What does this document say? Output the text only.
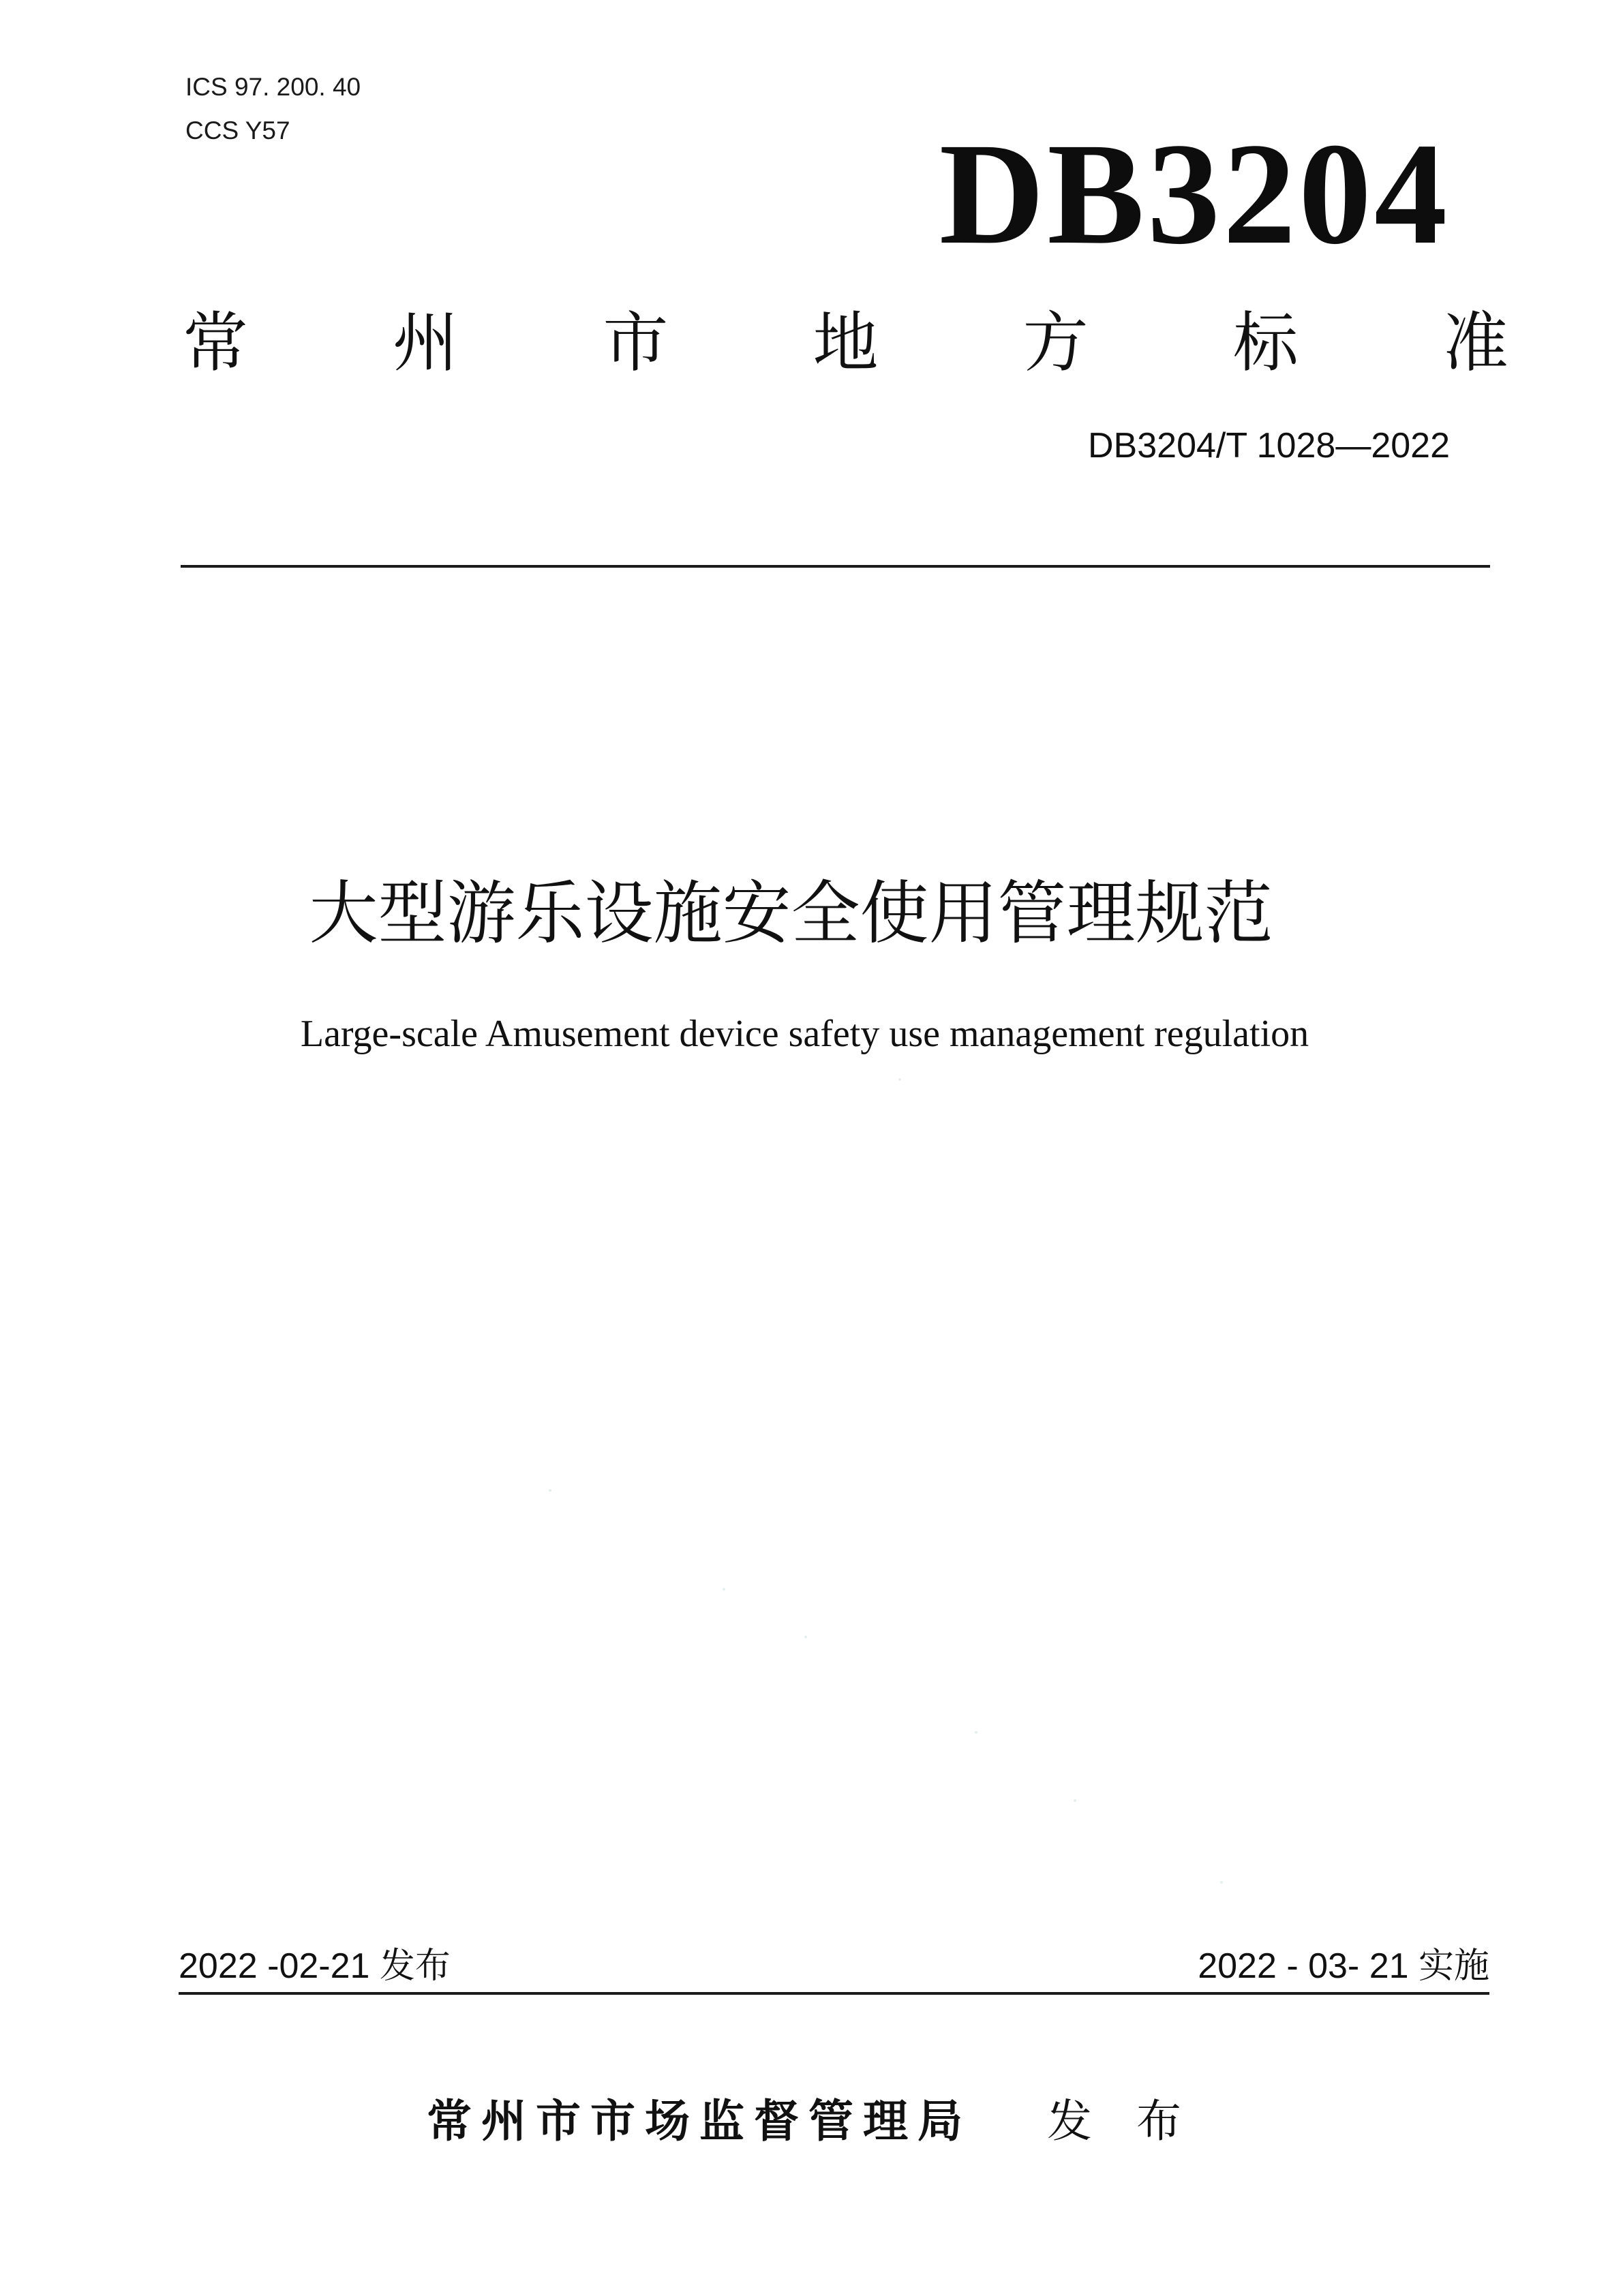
ICS 97. 200. 40
CCS Y57	DB3204
常 州 市 地 方 标 准
DB3204/T 1028—2022
大型游乐设施安全使用管理规范
Large-scale Amusement device safety use management regulation
2022 -02-21 发布	2022 - 03- 21 实施
常州市市场监督管理局 发 布
